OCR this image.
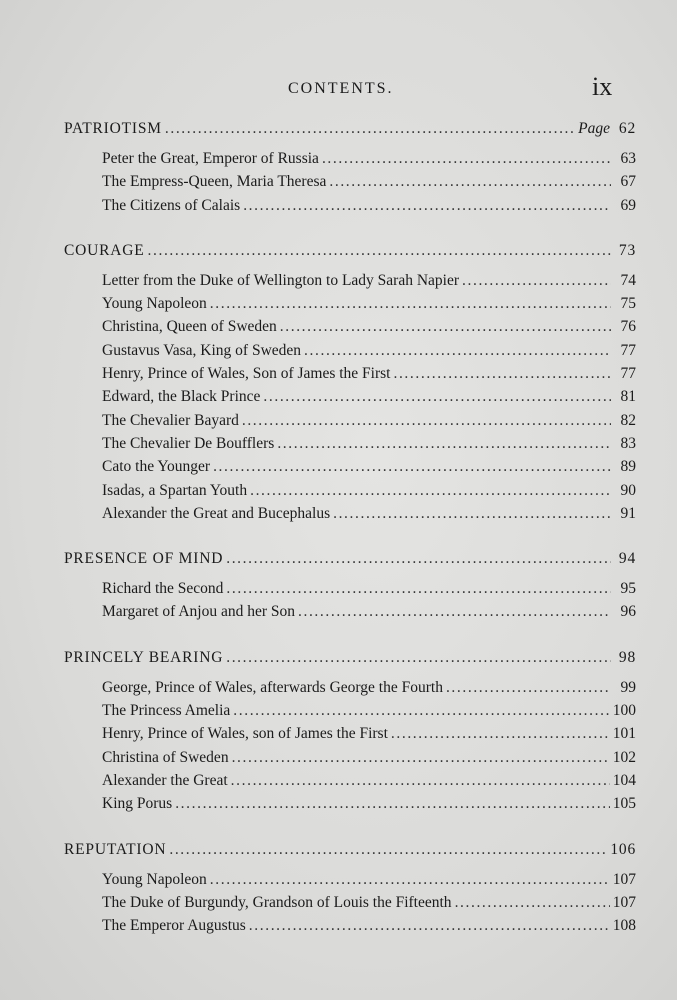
CONTENTS.	ix
PATRIOTISM .....	Page 62
Peter the Great, Emperor of Russia .....	63
The Empress-Queen, Maria Theresa .....	67
The Citizens of Calais .....	69
COURAGE .....	73
Letter from the Duke of Wellington to Lady Sarah Napier .....	74
Young Napoleon .....	75
Christina, Queen of Sweden .....	76
Gustavus Vasa, King of Sweden .....	77
Henry, Prince of Wales, Son of James the First .....	77
Edward, the Black Prince .....	81
The Chevalier Bayard .....	82
The Chevalier De Boufflers .....	83
Cato the Younger .....	89
Isadas, a Spartan Youth .....	90
Alexander the Great and Bucephalus .....	91
PRESENCE OF MIND .....	94
Richard the Second .....	95
Margaret of Anjou and her Son .....	96
PRINCELY BEARING .....	98
George, Prince of Wales, afterwards George the Fourth .....	99
The Princess Amelia .....	100
Henry, Prince of Wales, son of James the First .....	101
Christina of Sweden .....	102
Alexander the Great .....	104
King Porus .....	105
REPUTATION .....	106
Young Napoleon .....	107
The Duke of Burgundy, Grandson of Louis the Fifteenth .....	107
The Emperor Augustus .....	108
